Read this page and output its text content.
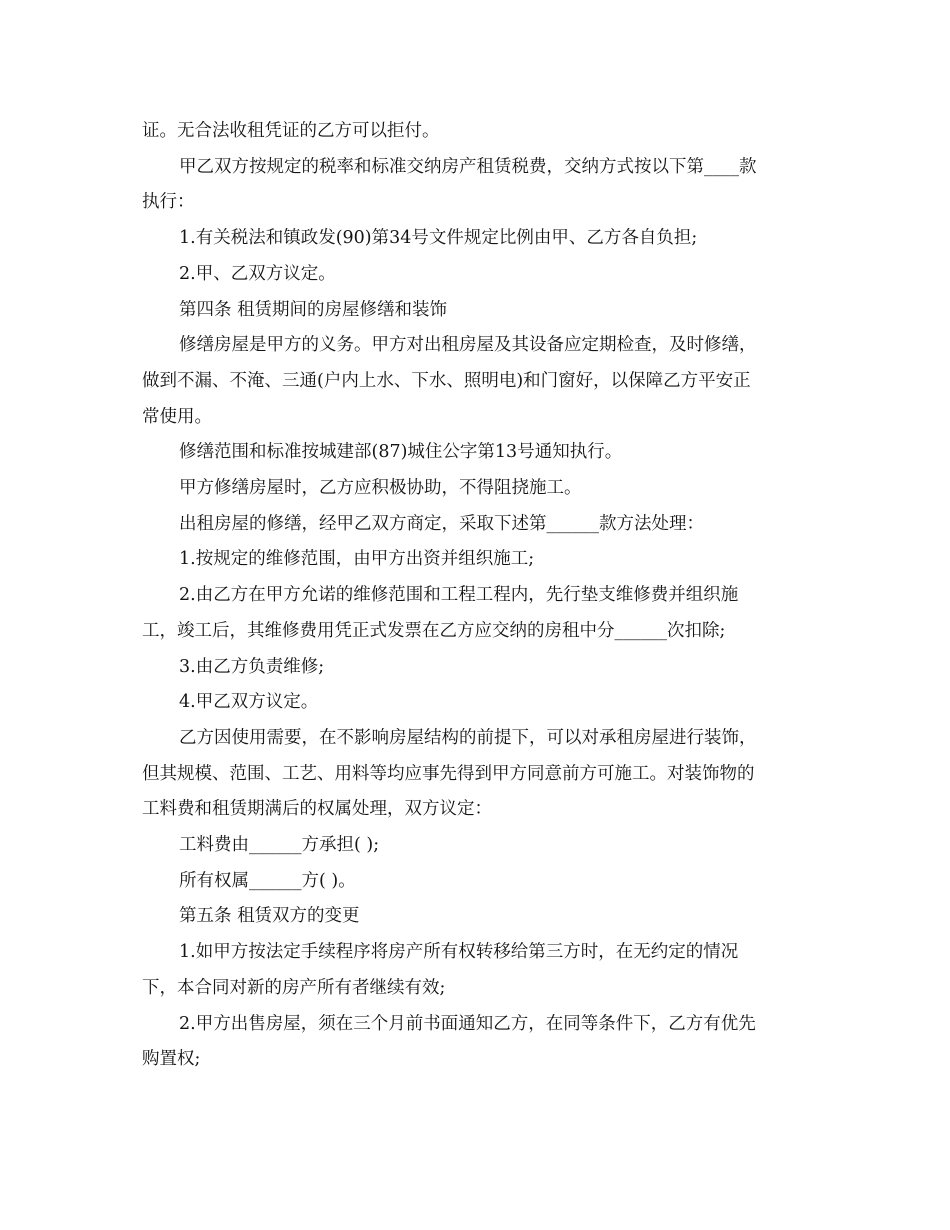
证。无合法收租凭证的乙方可以拒付。

甲乙双方按规定的税率和标准交纳房产租赁税费，交纳方式按以下第____款

执行：

1.有关税法和镇政发(90)第34号文件规定比例由甲、乙方各自负担;

2.甲、乙双方议定。

第四条 租赁期间的房屋修缮和装饰

修缮房屋是甲方的义务。甲方对出租房屋及其设备应定期检查，及时修缮，

做到不漏、不淹、三通(户内上水、下水、照明电)和门窗好，以保障乙方平安正

常使用。

修缮范围和标准按城建部(87)城住公字第13号通知执行。

甲方修缮房屋时，乙方应积极协助，不得阻挠施工。

出租房屋的修缮，经甲乙双方商定，采取下述第______款方法处理：

1.按规定的维修范围，由甲方出资并组织施工;

2.由乙方在甲方允诺的维修范围和工程工程内，先行垫支维修费并组织施

工，竣工后，其维修费用凭正式发票在乙方应交纳的房租中分______次扣除;

3.由乙方负责维修;

4.甲乙双方议定。

乙方因使用需要，在不影响房屋结构的前提下，可以对承租房屋进行装饰，

但其规模、范围、工艺、用料等均应事先得到甲方同意前方可施工。对装饰物的

工料费和租赁期满后的权属处理，双方议定：

工料费由______方承担( );

所有权属______方( )。

第五条 租赁双方的变更

1.如甲方按法定手续程序将房产所有权转移给第三方时，在无约定的情况

下，本合同对新的房产所有者继续有效;

2.甲方出售房屋，须在三个月前书面通知乙方，在同等条件下，乙方有优先

购置权;
